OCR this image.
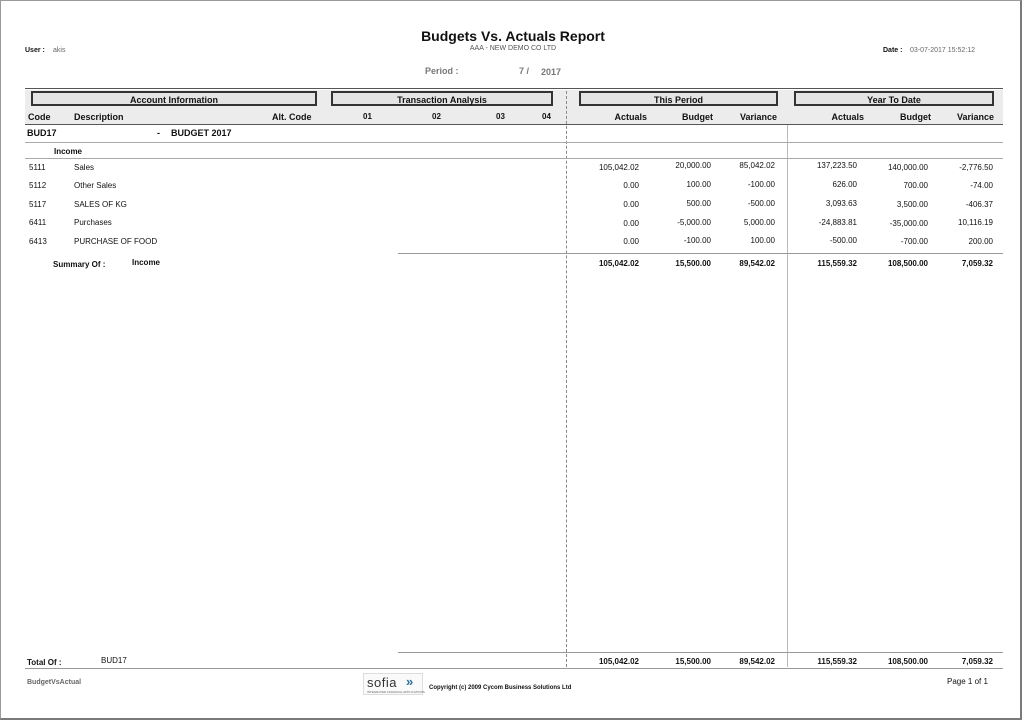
Budgets Vs. Actuals Report
AAA - NEW DEMO CO LTD
User : akis	Date : 03-07-2017 15:52:12
Period :	7 / 2017
Account Information	Transaction Analysis	This Period	Year To Date
Code	Description	Alt. Code	01	02	03	04	Actuals	Budget	Variance	Actuals	Budget	Variance
BUD17	- BUDGET 2017
Income
5111	Sales	105,042.02	20,000.00	85,042.02	137,223.50	140,000.00	-2,776.50
5112	Other Sales	0.00	100.00	-100.00	626.00	700.00	-74.00
5117	SALES OF KG	0.00	500.00	-500.00	3,093.63	3,500.00	-406.37
6411	Purchases	0.00	-5,000.00	5,000.00	-24,883.81	-35,000.00	10,116.19
6413	PURCHASE OF FOOD	0.00	-100.00	100.00	-500.00	-700.00	200.00
Summary Of :	Income	105,042.02	15,500.00	89,542.02	115,559.32	108,500.00	7,059.32
Total Of :	BUD17	105,042.02	15,500.00	89,542.02	115,559.32	108,500.00	7,059.32
BudgetVsActual	sofia »
INTEGRATED FINANCIAL APPLICATIONS
Copyright (c) 2009 Cycom Business Solutions Ltd
Page 1 of 1
